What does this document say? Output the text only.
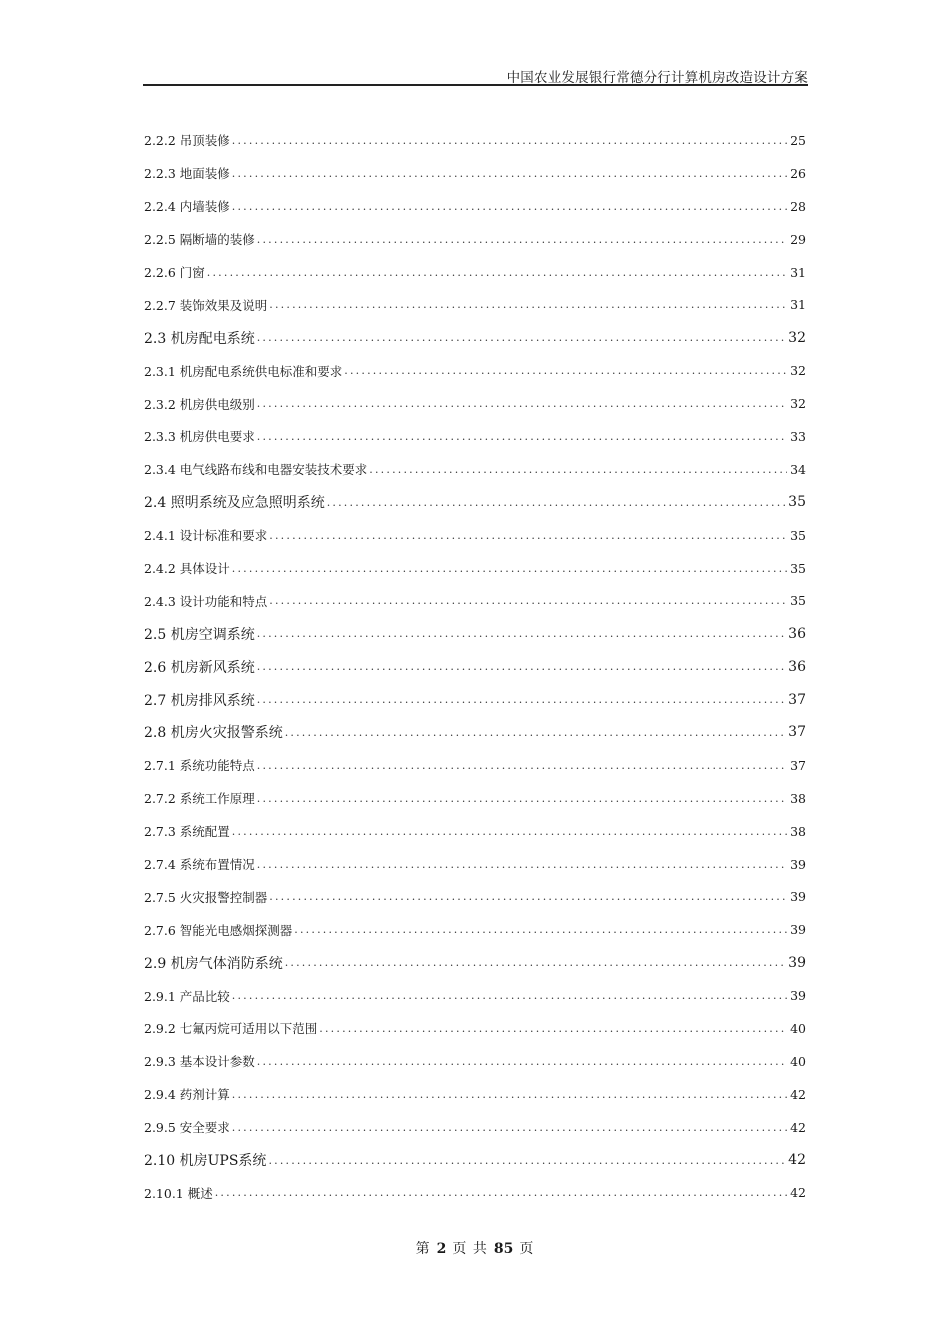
中国农业发展银行常德分行计算机房改造设计方案
2.2.2 吊顶装修 .....	25
2.2.3 地面装修 .....	26
2.2.4 内墙装修 .....	28
2.2.5 隔断墙的装修 .....	29
2.2.6 门窗 .....	31
2.2.7 装饰效果及说明 .....	31
2.3 机房配电系统 .....	32
2.3.1 机房配电系统供电标准和要求 .....	32
2.3.2 机房供电级别 .....	32
2.3.3 机房供电要求 .....	33
2.3.4 电气线路布线和电器安装技术要求 .....	34
2.4 照明系统及应急照明系统 .....	35
2.4.1 设计标准和要求 .....	35
2.4.2 具体设计 .....	35
2.4.3 设计功能和特点 .....	35
2.5 机房空调系统 .....	36
2.6 机房新风系统 .....	36
2.7 机房排风系统 .....	37
2.8 机房火灾报警系统 .....	37
2.7.1 系统功能特点 .....	37
2.7.2 系统工作原理 .....	38
2.7.3 系统配置 .....	38
2.7.4 系统布置情况 .....	39
2.7.5 火灾报警控制器 .....	39
2.7.6 智能光电感烟探测器 .....	39
2.9 机房气体消防系统 .....	39
2.9.1 产品比较 .....	39
2.9.2 七氟丙烷可适用以下范围 .....	40
2.9.3 基本设计参数 .....	40
2.9.4 药剂计算 .....	42
2.9.5 安全要求 .....	42
2.10 机房UPS系统 .....	42
2.10.1 概述 .....	42
第 2 页 共 85 页
